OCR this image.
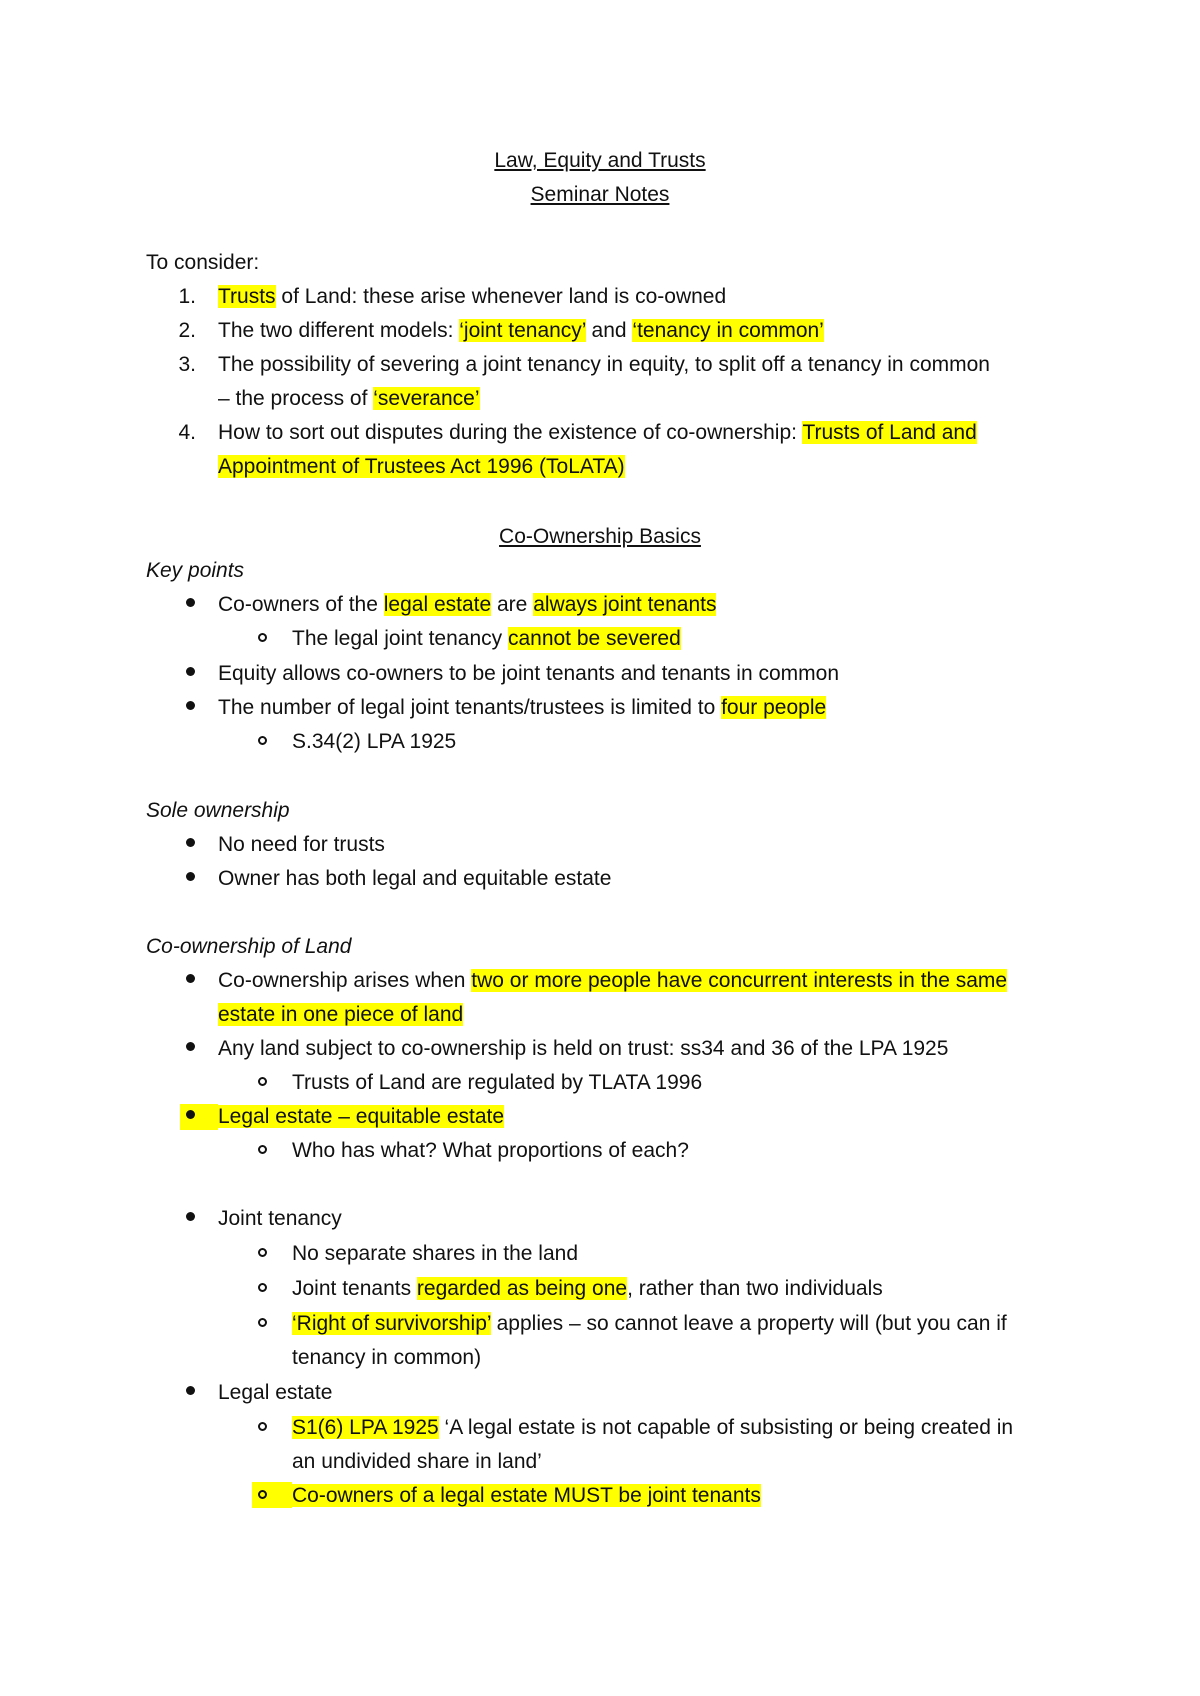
Law, Equity and Trusts
Seminar Notes
To consider:
1. Trusts of Land: these arise whenever land is co-owned
2. The two different models: ‘joint tenancy’ and ‘tenancy in common’
3. The possibility of severing a joint tenancy in equity, to split off a tenancy in common
– the process of ‘severance’
4. How to sort out disputes during the existence of co-ownership: Trusts of Land and
Appointment of Trustees Act 1996 (ToLATA)
Co-Ownership Basics
Key points
Co-owners of the legal estate are always joint tenants
The legal joint tenancy cannot be severed
Equity allows co-owners to be joint tenants and tenants in common
The number of legal joint tenants/trustees is limited to four people
S.34(2) LPA 1925
Sole ownership
No need for trusts
Owner has both legal and equitable estate
Co-ownership of Land
Co-ownership arises when two or more people have concurrent interests in the same
estate in one piece of land
Any land subject to co-ownership is held on trust: ss34 and 36 of the LPA 1925
Trusts of Land are regulated by TLATA 1996
Legal estate – equitable estate
Who has what? What proportions of each?
Joint tenancy
No separate shares in the land
Joint tenants regarded as being one, rather than two individuals
‘Right of survivorship’ applies – so cannot leave a property will (but you can if
tenancy in common)
Legal estate
S1(6) LPA 1925 ‘A legal estate is not capable of subsisting or being created in
an undivided share in land’
Co-owners of a legal estate MUST be joint tenants
